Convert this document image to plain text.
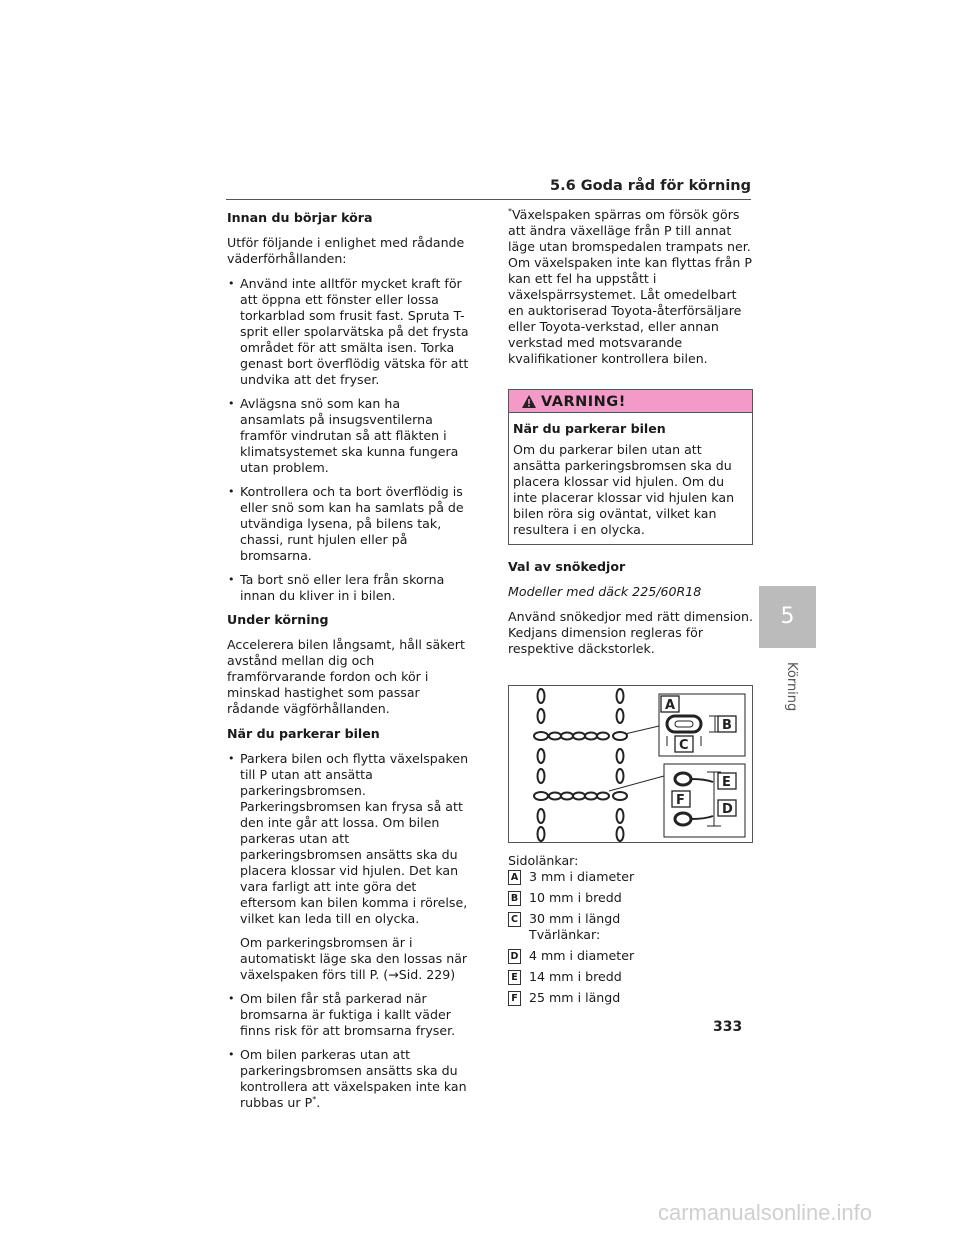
5.6 Goda råd för körning
Innan du börjar köra

Utför följande i enlighet med rådande väderförhållanden:

• Använd inte alltför mycket kraft för att öppna ett fönster eller lossa torkarblad som frusit fast. Spruta T-sprit eller spolarvätska på det frysta området för att smälta isen. Torka genast bort överflödig vätska för att undvika att det fryser.
• Avlägsna snö som kan ha ansamlats på insugsventilerna framför vindrutan så att fläkten i klimatsystemet ska kunna fungera utan problem.
• Kontrollera och ta bort överflödig is eller snö som kan ha samlats på de utvändiga lysena, på bilens tak, chassi, runt hjulen eller på bromsarna.
• Ta bort snö eller lera från skorna innan du kliver in i bilen.
Under körning

Accelerera bilen långsamt, håll säkert avstånd mellan dig och framförvarande fordon och kör i minskad hastighet som passar rådande vägförhållanden.

När du parkerar bilen
• Parkera bilen och flytta växelspaken till P utan att ansätta parkeringsbromsen. Parkeringsbromsen kan frysa så att den inte går att lossa. Om bilen parkeras utan att parkeringsbromsen ansätts ska du placera klossar vid hjulen. Det kan vara farligt att inte göra det eftersom kan bilen komma i rörelse, vilket kan leda till en olycka.
Om parkeringsbromsen är i automatiskt läge ska den lossas när växelspaken förs till P. (→Sid. 229)
• Om bilen får stå parkerad när bromsarna är fuktiga i kallt väder finns risk för att bromsarna fryser.
• Om bilen parkeras utan att parkeringsbromsen ansätts ska du kontrollera att växelspaken inte kan rubbas ur P*.

*Växelspaken spärras om försök görs att ändra växelläge från P till annat läge utan bromspedalen trampats ner. Om växelspaken inte kan flyttas från P kan ett fel ha uppstått i växelspärrsystemet. Låt omedelbart en auktoriserad Toyota-återförsäljare eller Toyota-verkstad, eller annan verkstad med motsvarande kvalifikationer kontrollera bilen.

VARNING!
När du parkerar bilen

Om du parkerar bilen utan att ansätta parkeringsbromsen ska du placera klossar vid hjulen. Om du inte placerar klossar vid hjulen kan bilen röra sig oväntat, vilket kan resultera i en olycka.

Val av snökedjor

Modeller med däck 225/60R18

Använd snökedjor med rätt dimension. Kedjans dimension regleras för respektive däckstorlek.

A
B
C
E
F
D
Sidolänkar:
A 3 mm i diameter
B 10 mm i bredd
C 30 mm i längd
Tvärlänkar:
D 4 mm i diameter
E 14 mm i bredd
F 25 mm i längd
5
Körning
333
carmanualsonline.info
